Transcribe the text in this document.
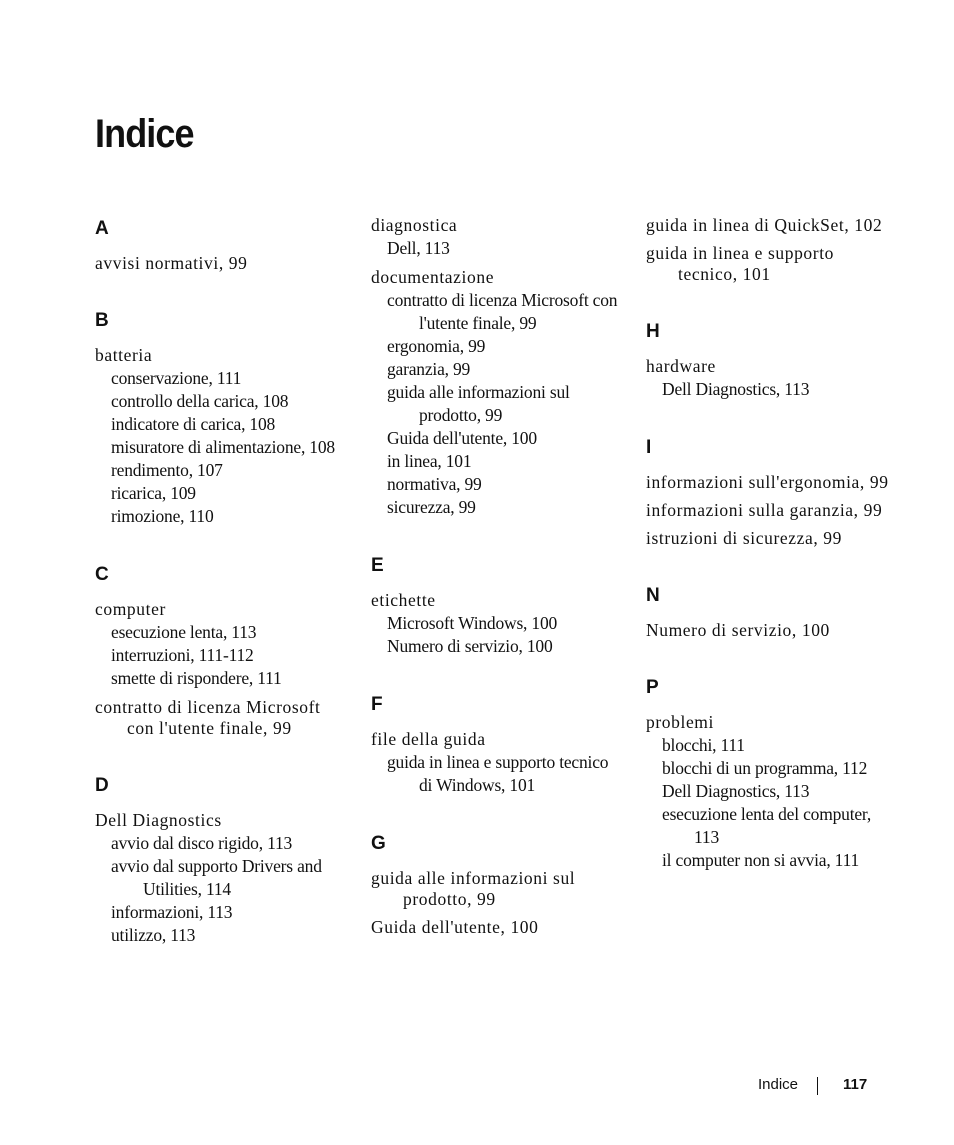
Indice
A
avvisi normativi, 99
B
batteria
conservazione, 111
controllo della carica, 108
indicatore di carica, 108
misuratore di alimentazione, 108
rendimento, 107
ricarica, 109
rimozione, 110
C
computer
esecuzione lenta, 113
interruzioni, 111-112
smette di rispondere, 111
contratto di licenza Microsoft con l'utente finale, 99
D
Dell Diagnostics
avvio dal disco rigido, 113
avvio dal supporto Drivers and Utilities, 114
informazioni, 113
utilizzo, 113
diagnostica
Dell, 113
documentazione
contratto di licenza Microsoft con l'utente finale, 99
ergonomia, 99
garanzia, 99
guida alle informazioni sul prodotto, 99
Guida dell'utente, 100
in linea, 101
normativa, 99
sicurezza, 99
E
etichette
Microsoft Windows, 100
Numero di servizio, 100
F
file della guida
guida in linea e supporto tecnico di Windows, 101
G
guida alle informazioni sul prodotto, 99
Guida dell'utente, 100
guida in linea di QuickSet, 102
guida in linea e supporto tecnico, 101
H
hardware
Dell Diagnostics, 113
I
informazioni sull'ergonomia, 99
informazioni sulla garanzia, 99
istruzioni di sicurezza, 99
N
Numero di servizio, 100
P
problemi
blocchi, 111
blocchi di un programma, 112
Dell Diagnostics, 113
esecuzione lenta del computer, 113
il computer non si avvia, 111
Indice	117
